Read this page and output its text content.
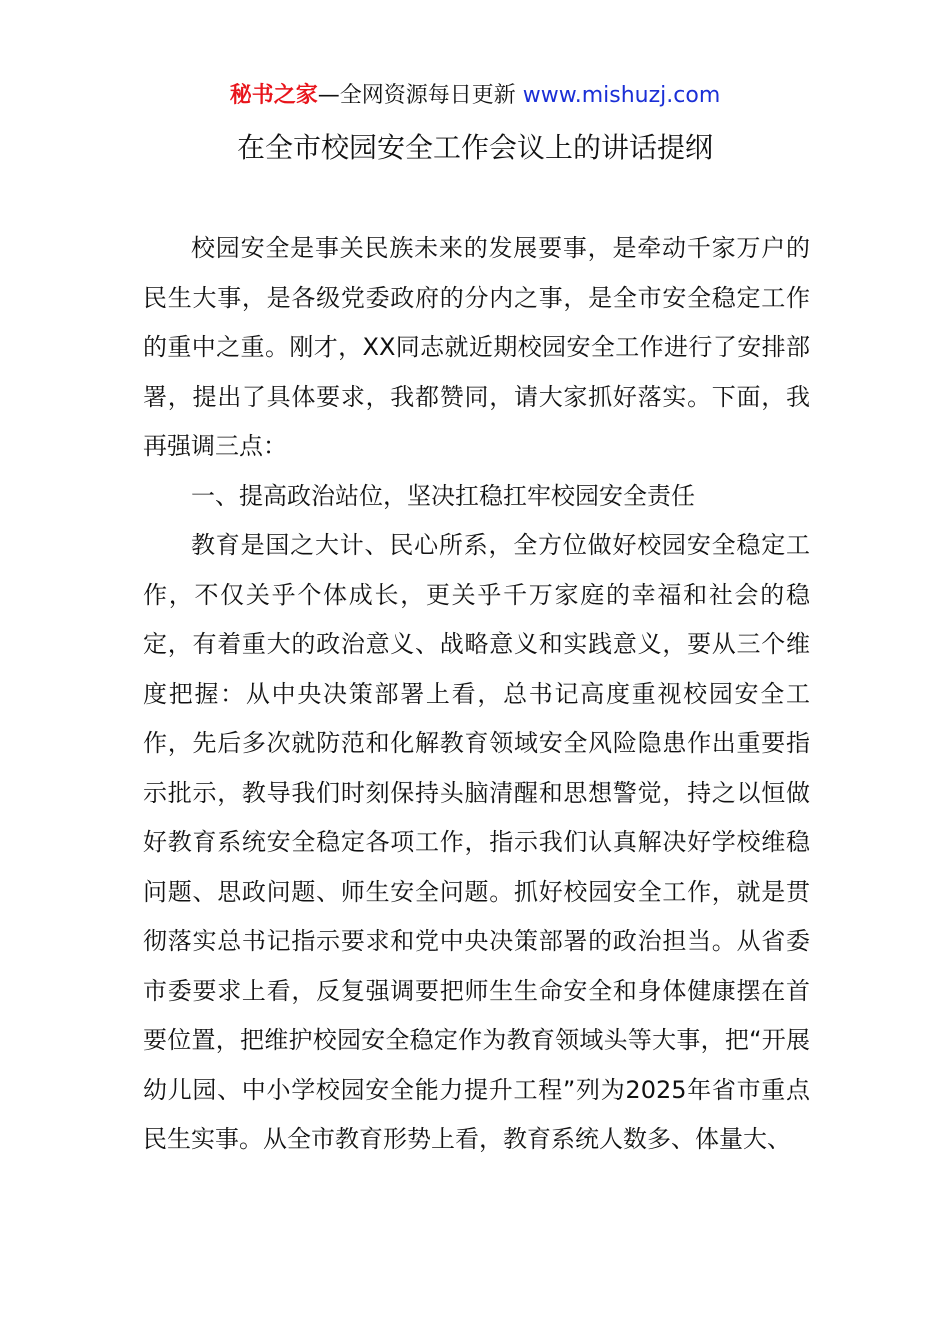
秘书之家—全网资源每日更新 www.mishuzj.com
在全市校园安全工作会议上的讲话提纲

校园安全是事关民族未来的发展要事，是牵动千家万户的民生大事，是各级党委政府的分内之事，是全市安全稳定工作的重中之重。刚才，XX同志就近期校园安全工作进行了安排部署，提出了具体要求，我都赞同，请大家抓好落实。下面，我再强调三点：

一、提高政治站位，坚决扛稳扛牢校园安全责任

教育是国之大计、民心所系，全方位做好校园安全稳定工作，不仅关乎个体成长，更关乎千万家庭的幸福和社会的稳定，有着重大的政治意义、战略意义和实践意义，要从三个维度把握：从中央决策部署上看，总书记高度重视校园安全工作，先后多次就防范和化解教育领域安全风险隐患作出重要指示批示，教导我们时刻保持头脑清醒和思想警觉，持之以恒做好教育系统安全稳定各项工作，指示我们认真解决好学校维稳问题、思政问题、师生安全问题。抓好校园安全工作，就是贯彻落实总书记指示要求和党中央决策部署的政治担当。从省委市委要求上看，反复强调要把师生生命安全和身体健康摆在首要位置，把维护校园安全稳定作为教育领域头等大事，把“开展幼儿园、中小学校园安全能力提升工程”列为2025年省市重点民生实事。从全市教育形势上看，教育系统人数多、体量大、
